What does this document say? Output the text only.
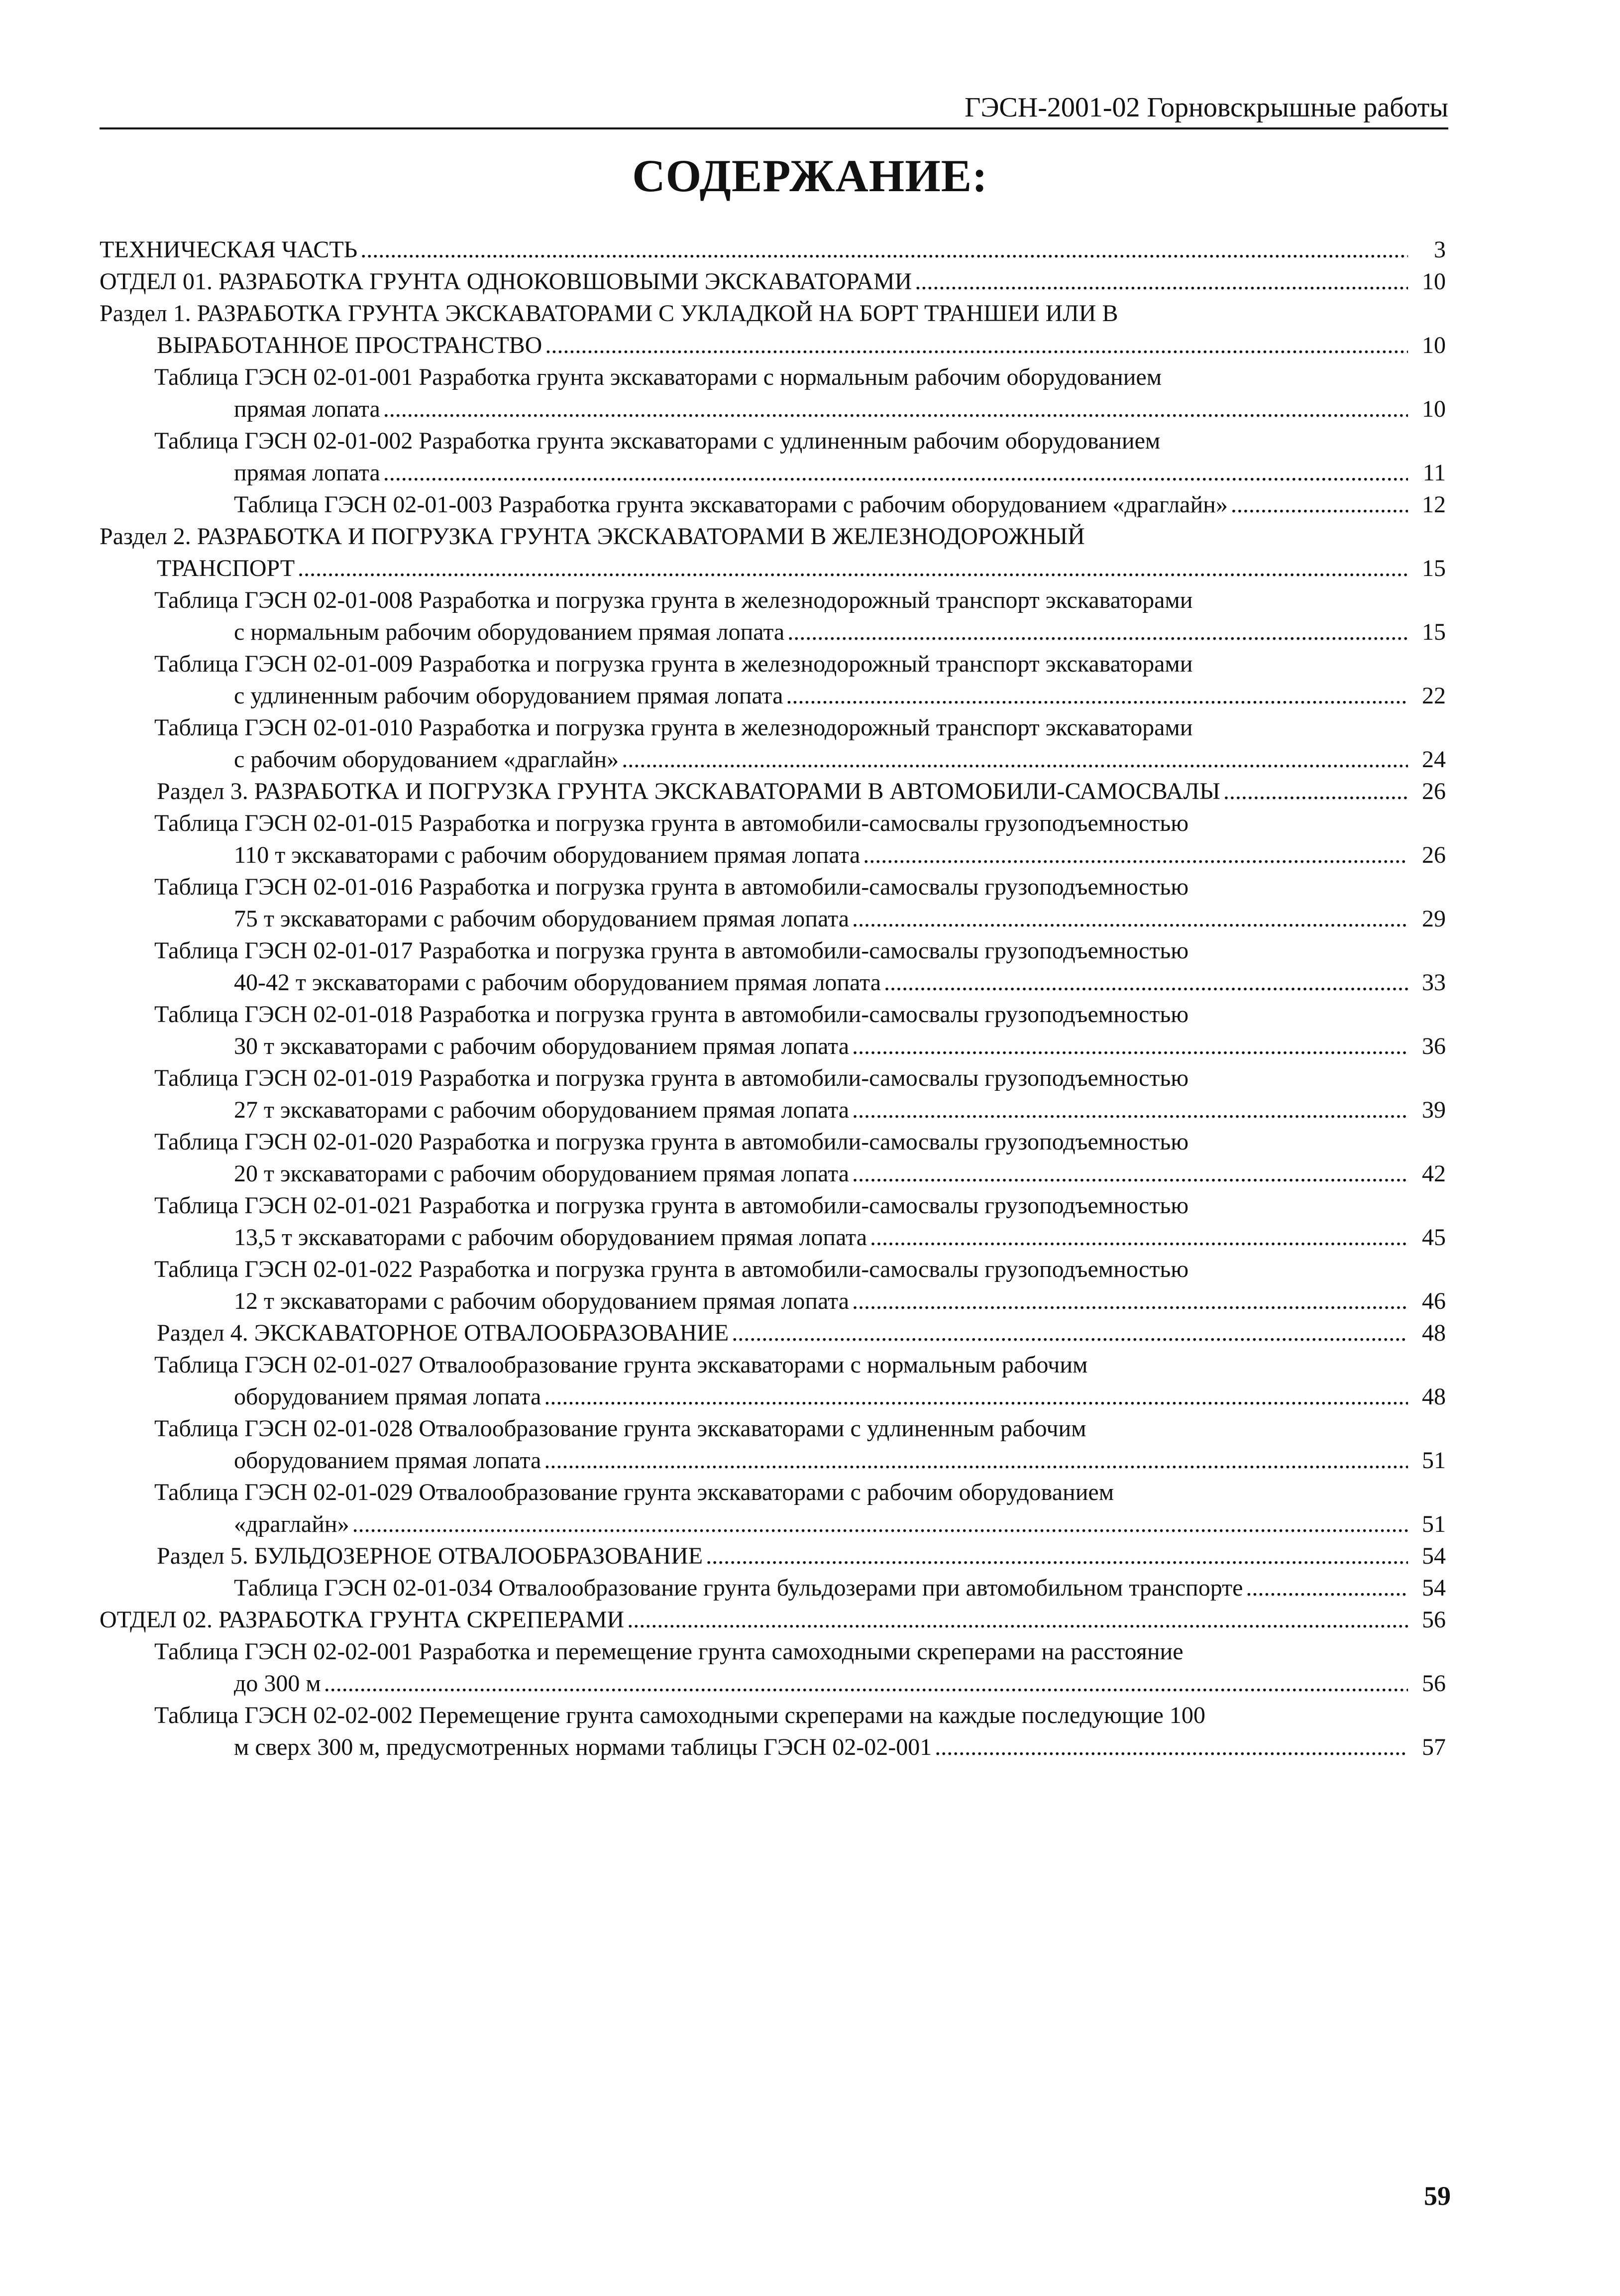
ГЭСН-2001-02 Горновскрышные работы
СОДЕРЖАНИЕ:
ТЕХНИЧЕСКАЯ ЧАСТЬ .....	3
ОТДЕЛ 01. РАЗРАБОТКА ГРУНТА ОДНОКОВШОВЫМИ ЭКСКАВАТОРАМИ .....	10
Раздел 1. РАЗРАБОТКА ГРУНТА ЭКСКАВАТОРАМИ С УКЛАДКОЙ НА БОРТ ТРАНШЕИ ИЛИ В
ВЫРАБОТАННОЕ ПРОСТРАНСТВО .....	10
Таблица ГЭСН 02-01-001 Разработка грунта экскаваторами с нормальным рабочим оборудованием
прямая лопата .....	10
Таблица ГЭСН 02-01-002 Разработка грунта экскаваторами с удлиненным рабочим оборудованием
прямая лопата .....	11
Таблица ГЭСН 02-01-003 Разработка грунта экскаваторами с рабочим оборудованием «драглайн» .....	12
Раздел 2. РАЗРАБОТКА И ПОГРУЗКА ГРУНТА ЭКСКАВАТОРАМИ В ЖЕЛЕЗНОДОРОЖНЫЙ
ТРАНСПОРТ .....	15
Таблица ГЭСН 02-01-008 Разработка и погрузка грунта в железнодорожный транспорт экскаваторами
с нормальным рабочим оборудованием прямая лопата .....	15
Таблица ГЭСН 02-01-009 Разработка и погрузка грунта в железнодорожный транспорт экскаваторами
с удлиненным рабочим оборудованием прямая лопата .....	22
Таблица ГЭСН 02-01-010 Разработка и погрузка грунта в железнодорожный транспорт экскаваторами
с рабочим оборудованием «драглайн» .....	24
Раздел 3. РАЗРАБОТКА И ПОГРУЗКА ГРУНТА ЭКСКАВАТОРАМИ В АВТОМОБИЛИ-САМОСВАЛЫ .....	26
Таблица ГЭСН 02-01-015 Разработка и погрузка грунта в автомобили-самосвалы грузоподъемностью
110 т экскаваторами с рабочим оборудованием прямая лопата .....	26
Таблица ГЭСН 02-01-016 Разработка и погрузка грунта в автомобили-самосвалы грузоподъемностью
75 т экскаваторами с рабочим оборудованием прямая лопата .....	29
Таблица ГЭСН 02-01-017 Разработка и погрузка грунта в автомобили-самосвалы грузоподъемностью
40-42 т экскаваторами с рабочим оборудованием прямая лопата .....	33
Таблица ГЭСН 02-01-018 Разработка и погрузка грунта в автомобили-самосвалы грузоподъемностью
30 т экскаваторами с рабочим оборудованием прямая лопата .....	36
Таблица ГЭСН 02-01-019 Разработка и погрузка грунта в автомобили-самосвалы грузоподъемностью
27 т экскаваторами с рабочим оборудованием прямая лопата .....	39
Таблица ГЭСН 02-01-020 Разработка и погрузка грунта в автомобили-самосвалы грузоподъемностью
20 т экскаваторами с рабочим оборудованием прямая лопата .....	42
Таблица ГЭСН 02-01-021 Разработка и погрузка грунта в автомобили-самосвалы грузоподъемностью
13,5 т экскаваторами с рабочим оборудованием прямая лопата .....	45
Таблица ГЭСН 02-01-022 Разработка и погрузка грунта в автомобили-самосвалы грузоподъемностью
12 т экскаваторами с рабочим оборудованием прямая лопата .....	46
Раздел 4. ЭКСКАВАТОРНОЕ ОТВАЛООБРАЗОВАНИЕ .....	48
Таблица ГЭСН 02-01-027 Отвалообразование грунта экскаваторами с нормальным рабочим
оборудованием прямая лопата .....	48
Таблица ГЭСН 02-01-028 Отвалообразование грунта экскаваторами с удлиненным рабочим
оборудованием прямая лопата .....	51
Таблица ГЭСН 02-01-029 Отвалообразование грунта экскаваторами с рабочим оборудованием
«драглайн» .....	51
Раздел 5. БУЛЬДОЗЕРНОЕ ОТВАЛООБРАЗОВАНИЕ .....	54
Таблица ГЭСН 02-01-034 Отвалообразование грунта бульдозерами при автомобильном транспорте .....	54
ОТДЕЛ 02. РАЗРАБОТКА ГРУНТА СКРЕПЕРАМИ .....	56
Таблица ГЭСН 02-02-001 Разработка и перемещение грунта самоходными скреперами на расстояние
до 300 м .....	56
Таблица ГЭСН 02-02-002 Перемещение грунта самоходными скреперами на каждые последующие 100
м сверх 300 м, предусмотренных нормами таблицы ГЭСН 02-02-001 .....	57
59
